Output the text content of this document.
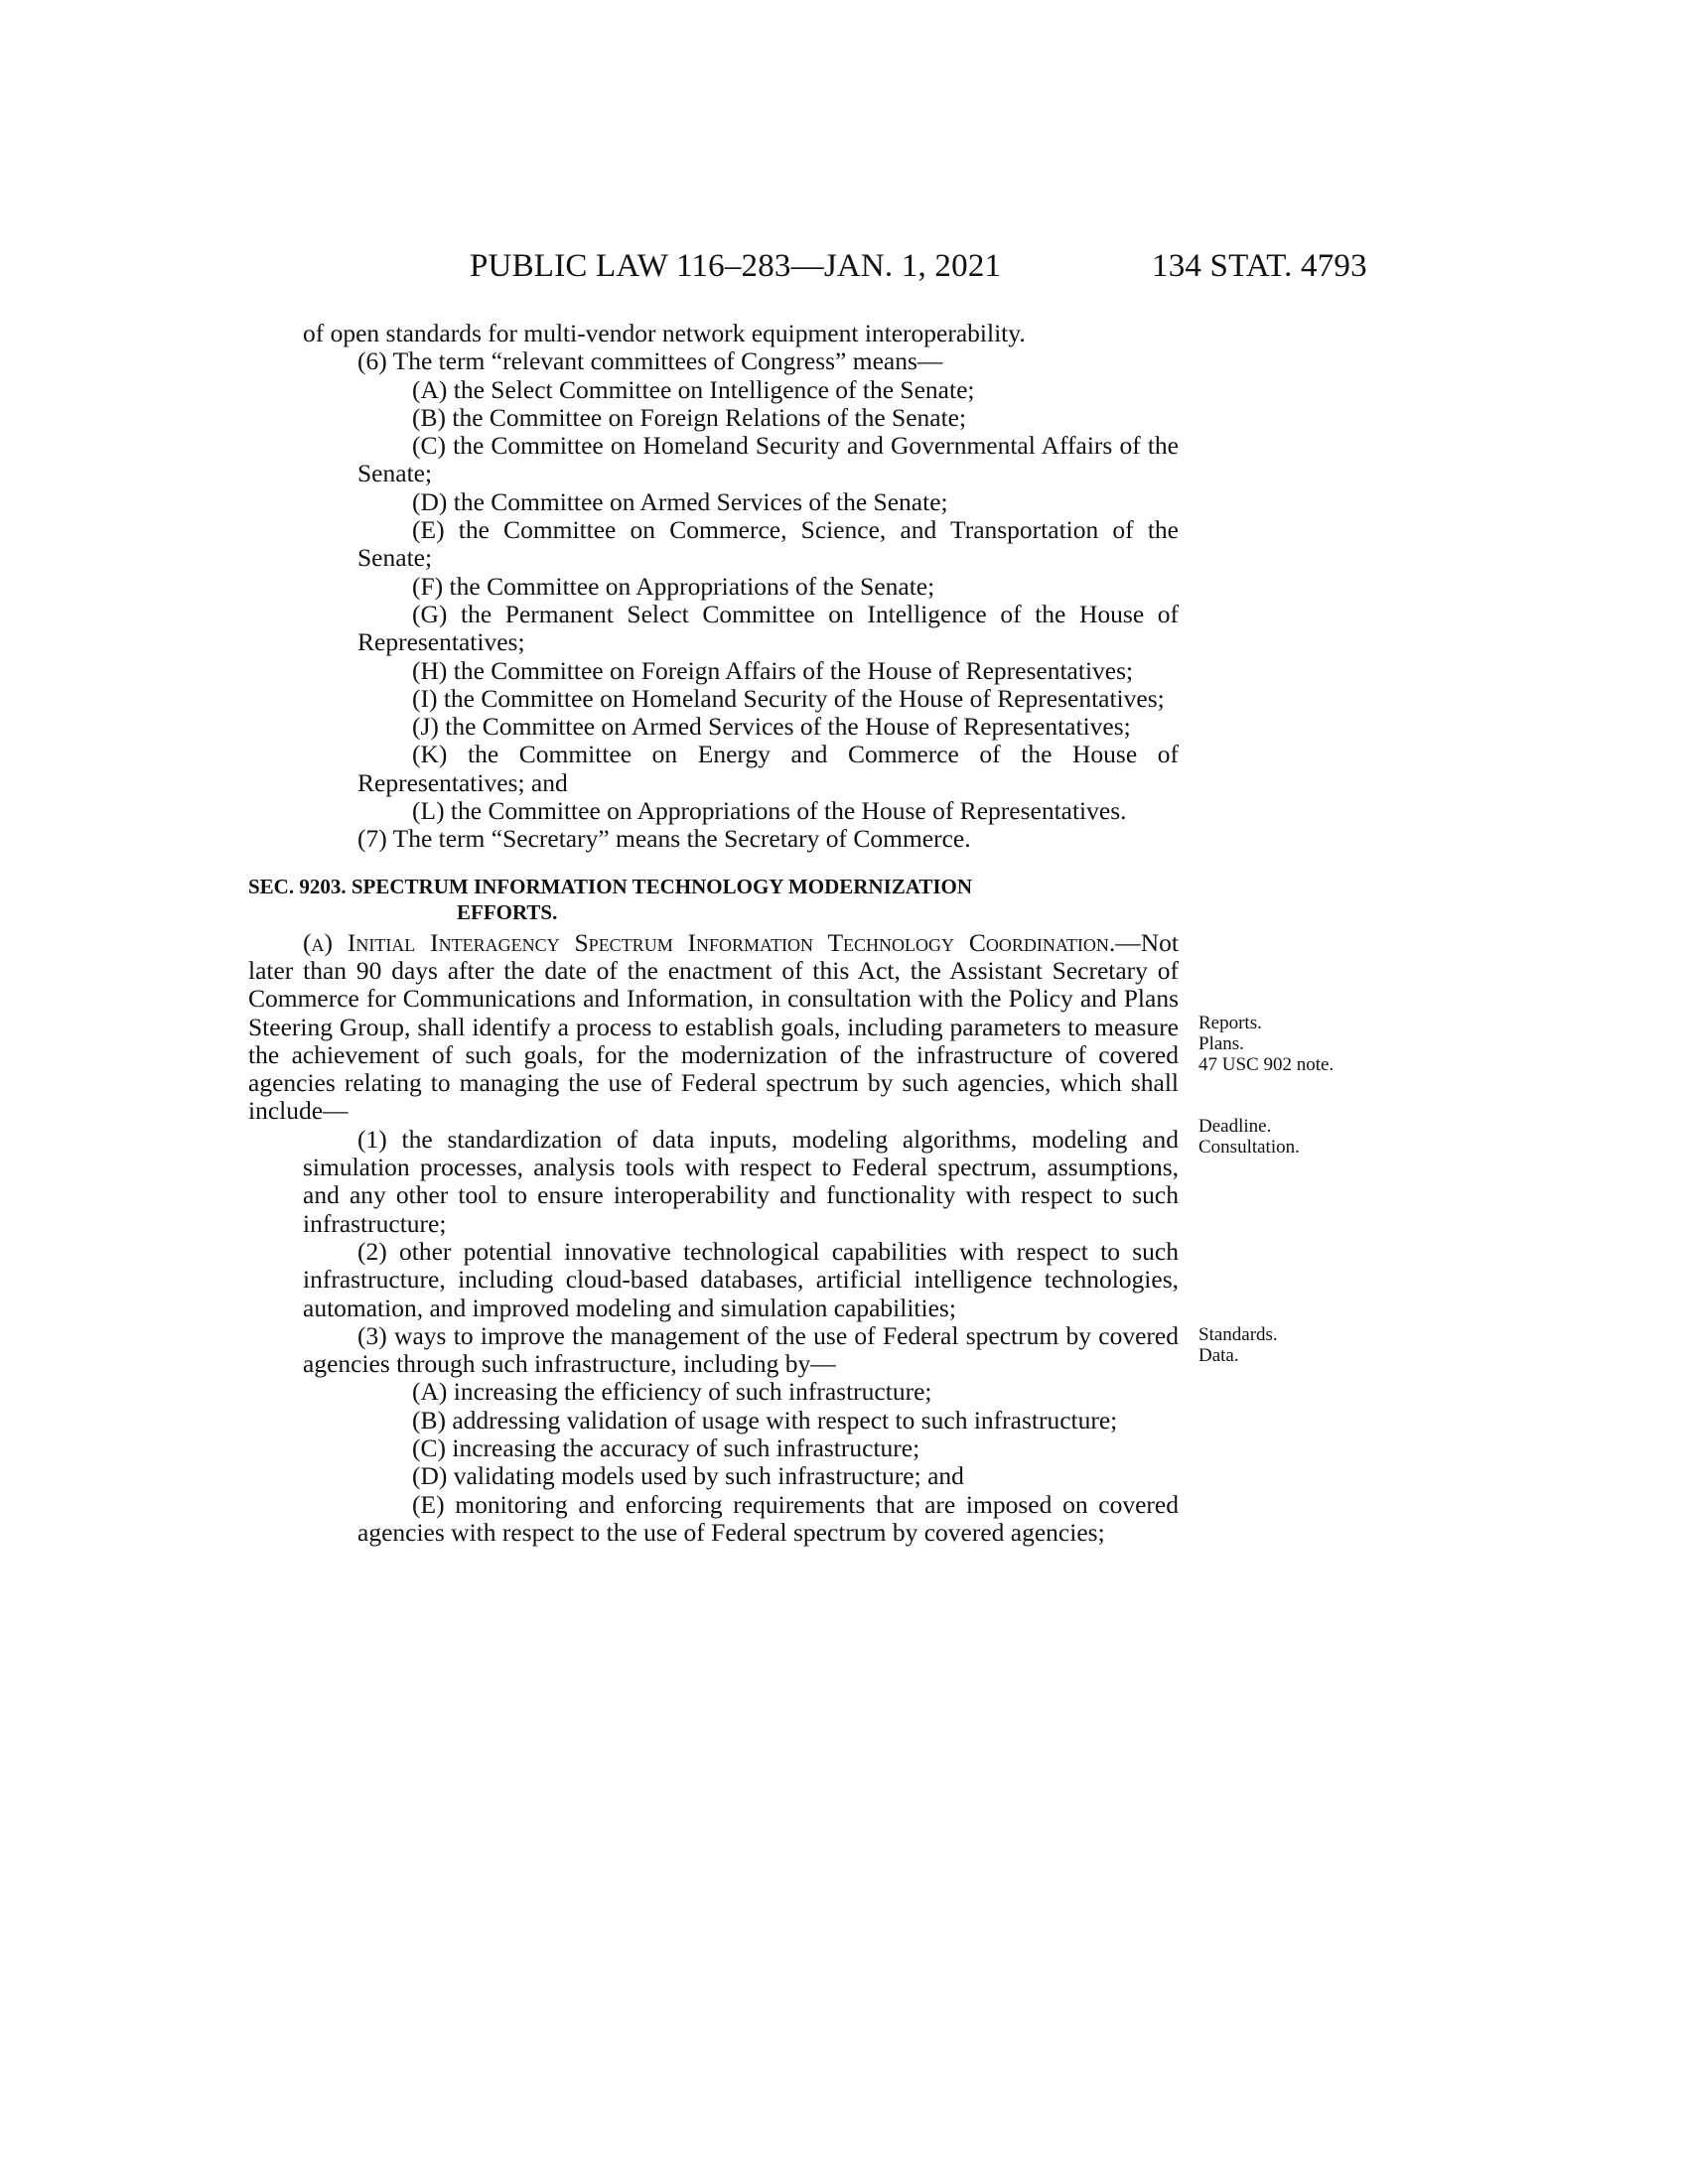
PUBLIC LAW 116–283—JAN. 1, 2021	134 STAT. 4793

of open standards for multi-vendor network equipment interoperability.

(6) The term “relevant committees of Congress” means—

(A) the Select Committee on Intelligence of the Senate;

(B) the Committee on Foreign Relations of the Senate;

(C) the Committee on Homeland Security and Governmental Affairs of the Senate;

(D) the Committee on Armed Services of the Senate;

(E) the Committee on Commerce, Science, and Transportation of the Senate;

(F) the Committee on Appropriations of the Senate;

(G) the Permanent Select Committee on Intelligence of the House of Representatives;

(H) the Committee on Foreign Affairs of the House of Representatives;

(I) the Committee on Homeland Security of the House of Representatives;

(J) the Committee on Armed Services of the House of Representatives;

(K) the Committee on Energy and Commerce of the House of Representatives; and

(L) the Committee on Appropriations of the House of Representatives.

(7) The term “Secretary” means the Secretary of Commerce.

SEC. 9203. SPECTRUM INFORMATION TECHNOLOGY MODERNIZATION
EFFORTS.

(a) Initial Interagency Spectrum Information Technology Coordination.—Not later than 90 days after the date of the enactment of this Act, the Assistant Secretary of Commerce for Communications and Information, in consultation with the Policy and Plans Steering Group, shall identify a process to establish goals, including parameters to measure the achievement of such goals, for the modernization of the infrastructure of covered agencies relating to managing the use of Federal spectrum by such agencies, which shall include—

(1) the standardization of data inputs, modeling algorithms, modeling and simulation processes, analysis tools with respect to Federal spectrum, assumptions, and any other tool to ensure interoperability and functionality with respect to such infrastructure;

(2) other potential innovative technological capabilities with respect to such infrastructure, including cloud-based databases, artificial intelligence technologies, automation, and improved modeling and simulation capabilities;

(3) ways to improve the management of the use of Federal spectrum by covered agencies through such infrastructure, including by—

(A) increasing the efficiency of such infrastructure;

(B) addressing validation of usage with respect to such infrastructure;

(C) increasing the accuracy of such infrastructure;

(D) validating models used by such infrastructure; and

(E) monitoring and enforcing requirements that are imposed on covered agencies with respect to the use of Federal spectrum by covered agencies;

Reports.
Plans.
47 USC 902 note.
Deadline.
Consultation.
Standards.
Data.
